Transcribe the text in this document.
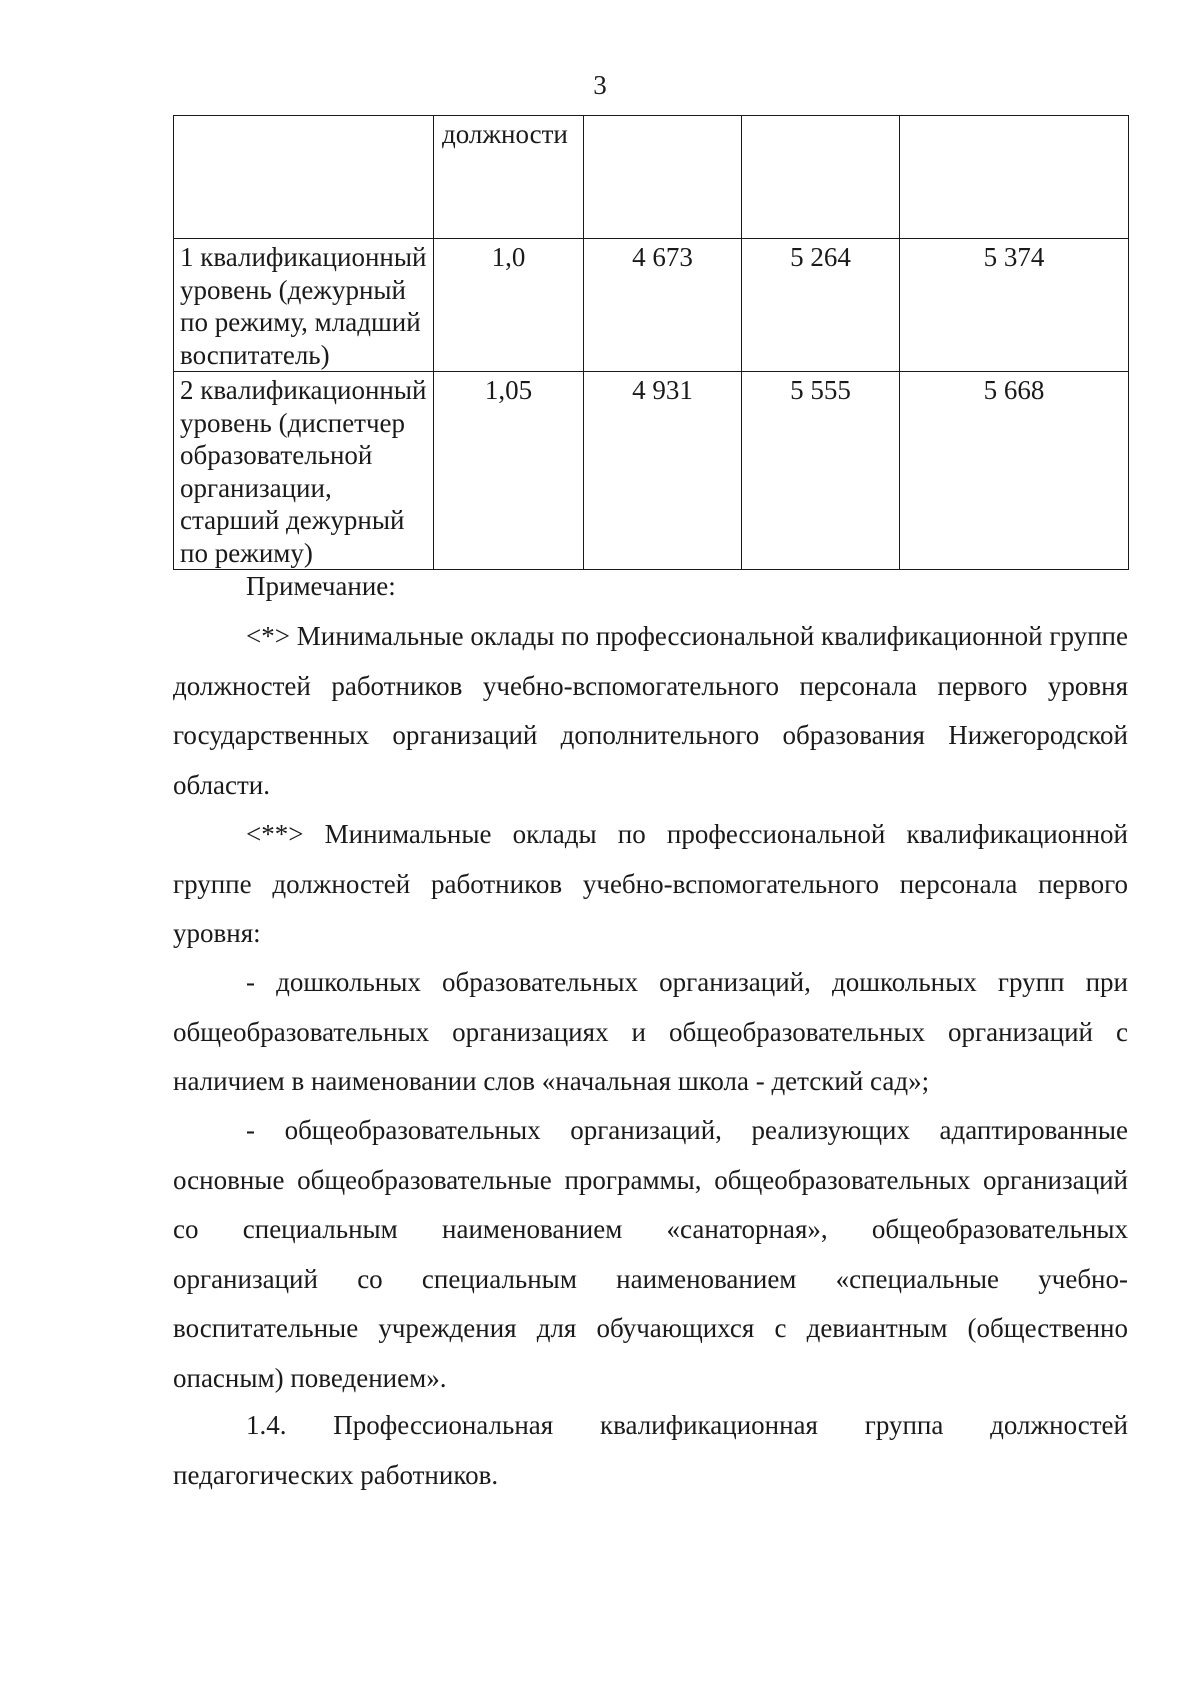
3
	должности			
1 квалификационный уровень (дежурный по режиму, младший воспитатель)	1,0	4 673	5 264	5 374
2 квалификационный уровень (диспетчер образовательной организации, старший дежурный по режиму)	1,05	4 931	5 555	5 668
Примечание:
<*> Минимальные оклады по профессиональной квалификационной группе должностей работников учебно-вспомогательного персонала первого уровня государственных организаций дополнительного образования Нижегородской области.
<**> Минимальные оклады по профессиональной квалификационной группе должностей работников учебно-вспомогательного персонала первого уровня:
- дошкольных образовательных организаций, дошкольных групп при общеобразовательных организациях и общеобразовательных организаций с наличием в наименовании слов «начальная школа - детский сад»;
- общеобразовательных организаций, реализующих адаптированные основные общеобразовательные программы, общеобразовательных организаций со специальным наименованием «санаторная», общеобразовательных организаций со специальным наименованием «специальные учебно-воспитательные учреждения для обучающихся с девиантным (общественно опасным) поведением».
1.4. Профессиональная квалификационная группа должностей педагогических работников.
